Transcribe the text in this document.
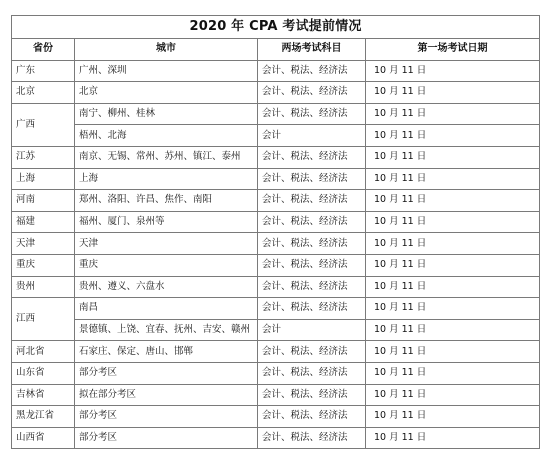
2020 年 CPA 考试提前情况			
省份	城市	两场考试科目	第一场考试日期
广东	广州、深圳	会计、税法、经济法	10 月 11 日
北京	北京	会计、税法、经济法	10 月 11 日
广西	南宁、柳州、桂林	会计、税法、经济法	10 月 11 日
	梧州、北海	会计	10 月 11 日
江苏	南京、无锡、常州、苏州、镇江、泰州	会计、税法、经济法	10 月 11 日
上海	上海	会计、税法、经济法	10 月 11 日
河南	郑州、洛阳、许昌、焦作、南阳	会计、税法、经济法	10 月 11 日
福建	福州、厦门、泉州等	会计、税法、经济法	10 月 11 日
天津	天津	会计、税法、经济法	10 月 11 日
重庆	重庆	会计、税法、经济法	10 月 11 日
贵州	贵州、遵义、六盘水	会计、税法、经济法	10 月 11 日
江西	南昌	会计、税法、经济法	10 月 11 日
	景德镇、上饶、宜春、抚州、吉安、赣州	会计	10 月 11 日
河北省	石家庄、保定、唐山、邯郸	会计、税法、经济法	10 月 11 日
山东省	部分考区	会计、税法、经济法	10 月 11 日
吉林省	拟在部分考区	会计、税法、经济法	10 月 11 日
黑龙江省	部分考区	会计、税法、经济法	10 月 11 日
山西省	部分考区	会计、税法、经济法	10 月 11 日
